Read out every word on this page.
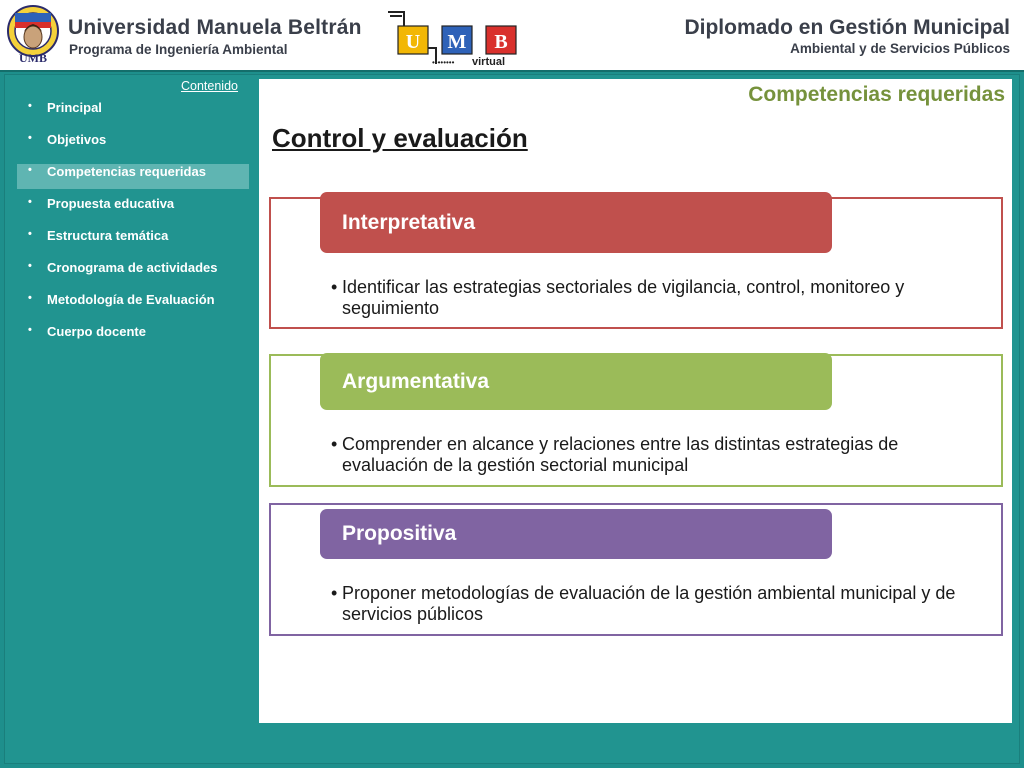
UMB
Universidad Manuela Beltrán
Programa de Ingeniería Ambiental	U M B
•••••••• virtual
Diplomado en Gestión Municipal
Ambiental y de Servicios Públicos
Contenido
• Principal
• Objetivos
• Competencias requeridas
• Propuesta educativa
• Estructura temática
• Cronograma de actividades
• Metodología de Evaluación
• Cuerpo docente
Competencias requeridas
Control y evaluación
Interpretativa
• Identificar las estrategias sectoriales de vigilancia, control, monitoreo y seguimiento
Argumentativa
• Comprender en alcance y relaciones entre las distintas estrategias de evaluación de la gestión sectorial municipal
Propositiva
• Proponer metodologías de evaluación de la gestión ambiental municipal y de servicios públicos
